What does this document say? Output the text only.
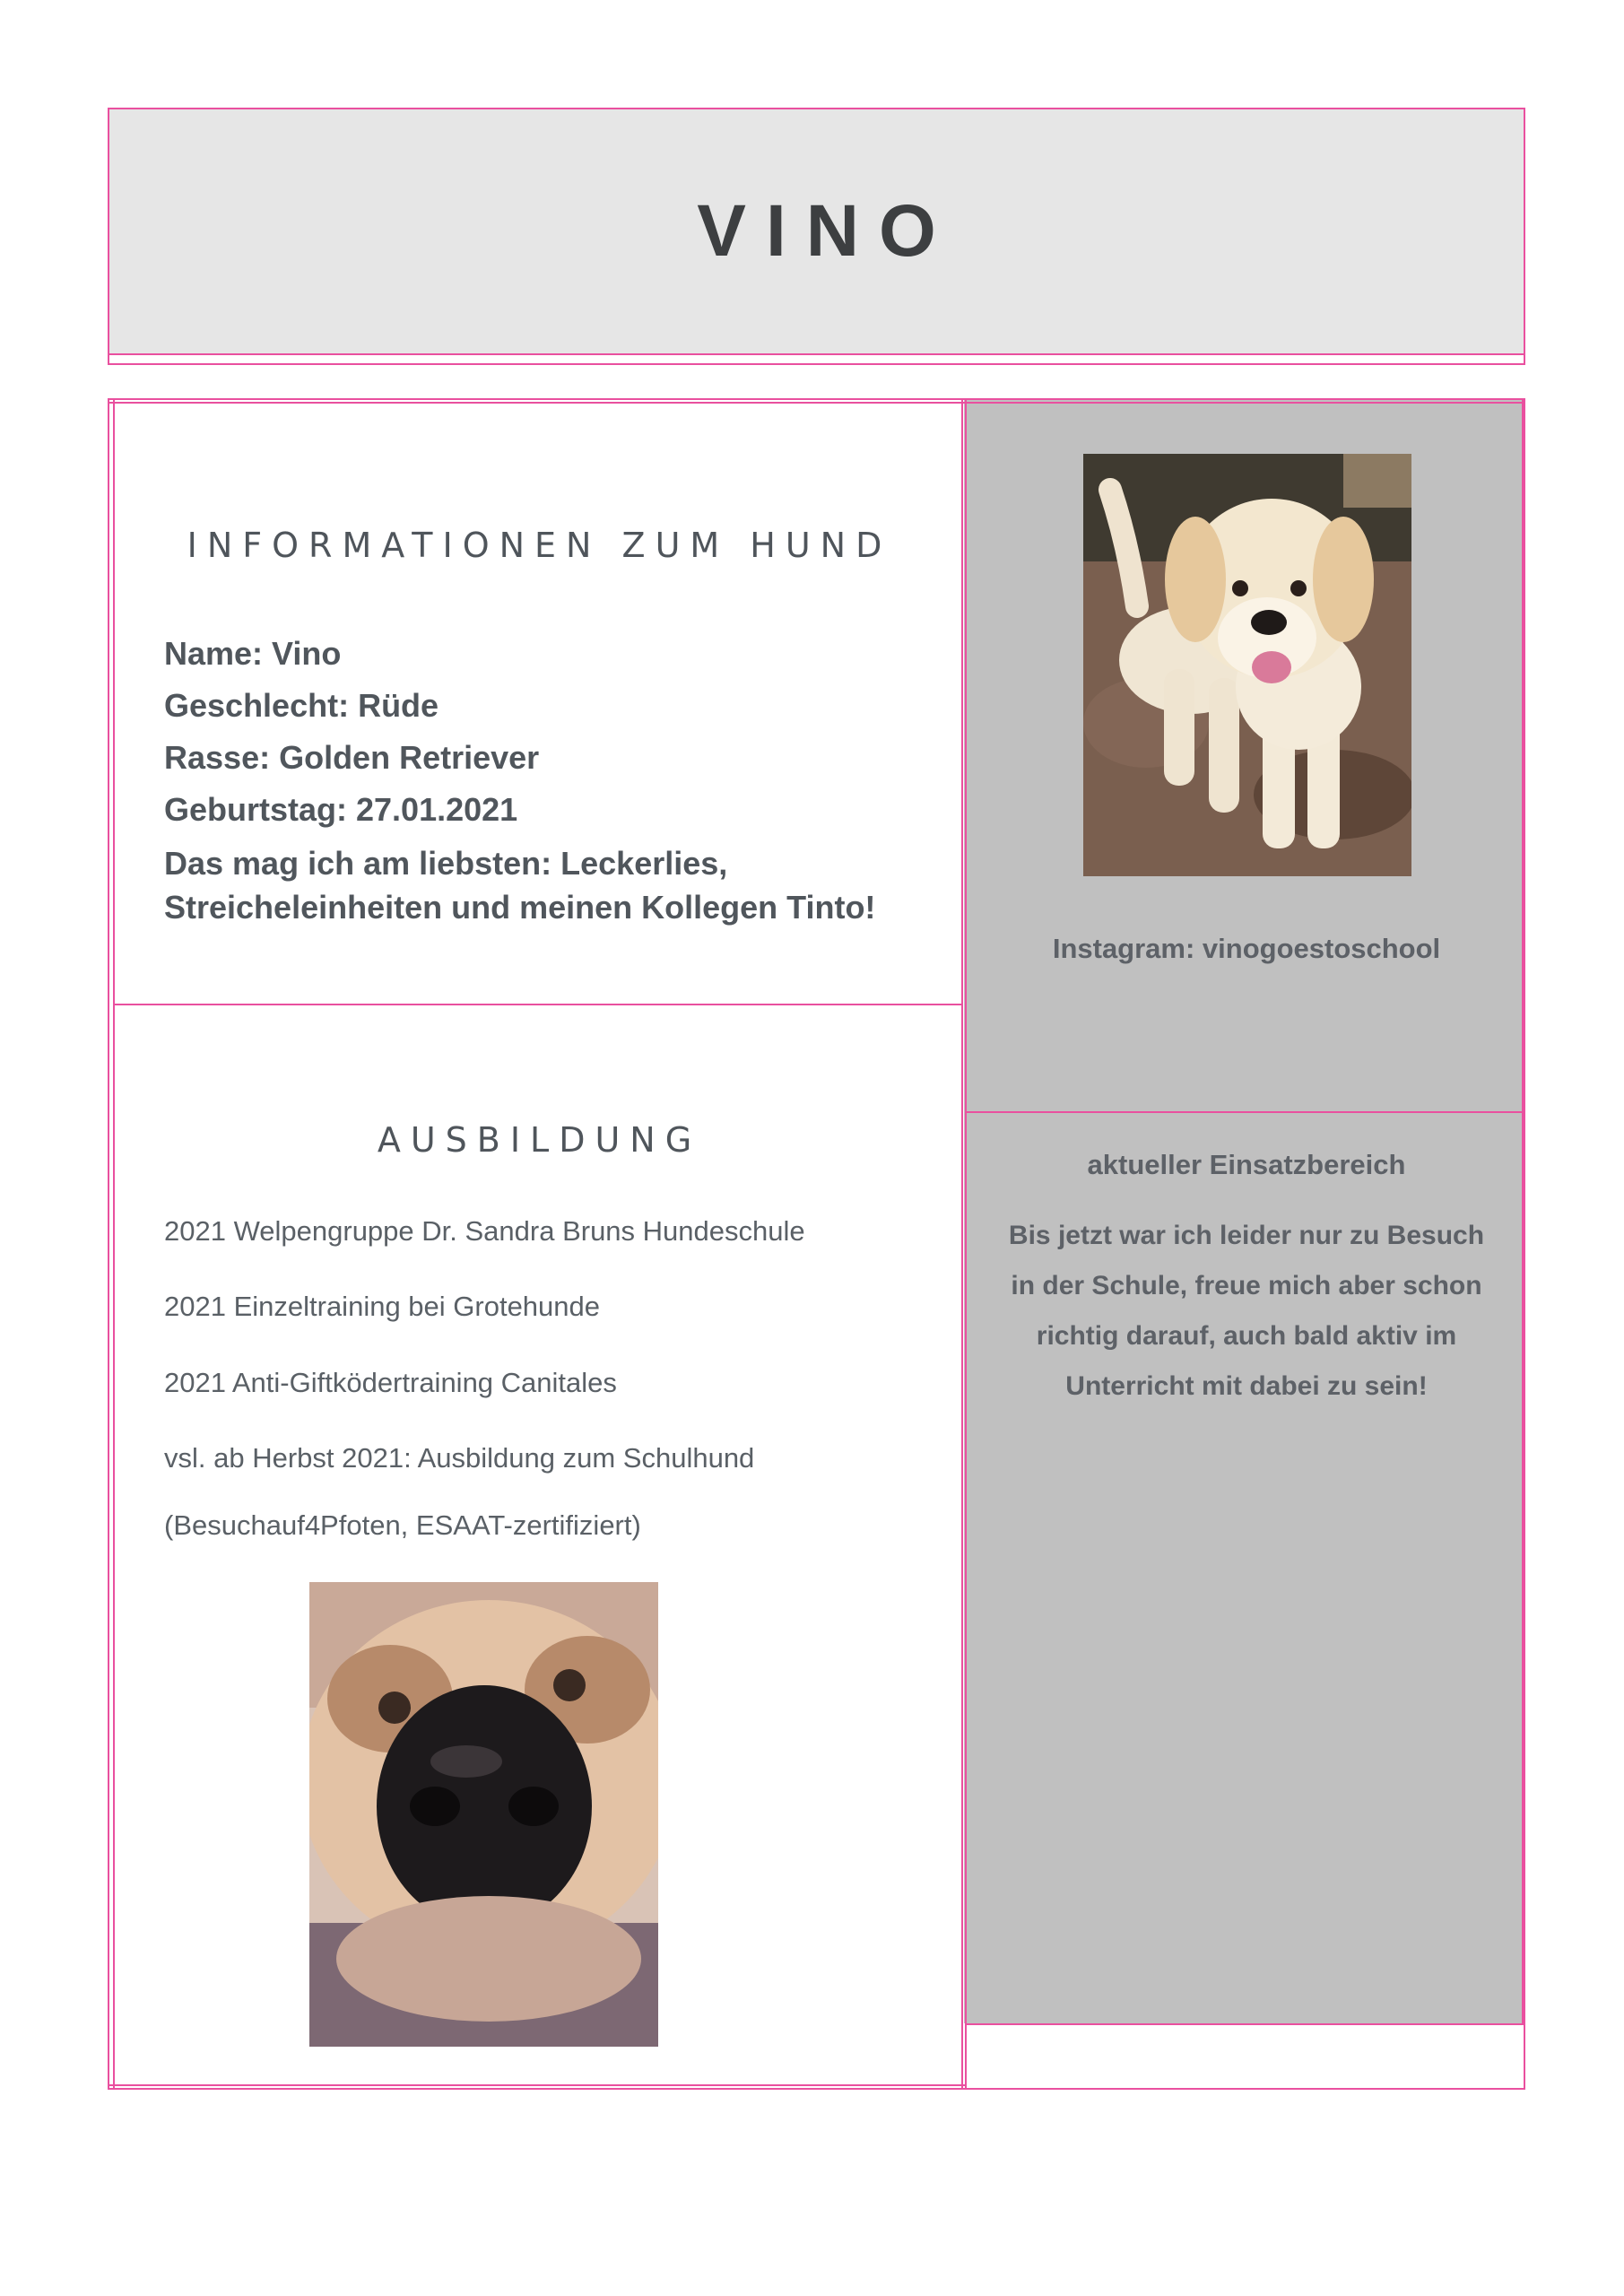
VINO
INFORMATIONEN ZUM HUND
Name: Vino
Geschlecht: Rüde
Rasse: Golden Retriever
Geburtstag: 27.01.2021
Das mag ich am liebsten: Leckerlies,
Streicheleinheiten und meinen Kollegen Tinto!
AUSBILDUNG
2021 Welpengruppe Dr. Sandra Bruns Hundeschule
2021 Einzeltraining bei Grotehunde
2021 Anti-Giftködertraining Canitales
vsl. ab Herbst 2021: Ausbildung zum Schulhund
(Besuchauf4Pfoten, ESAAT-zertifiziert)
Instagram: vinogoestoschool
aktueller Einsatzbereich
Bis jetzt war ich leider nur zu Besuch in der Schule, freue mich aber schon richtig darauf, auch bald aktiv im Unterricht mit dabei zu sein!
